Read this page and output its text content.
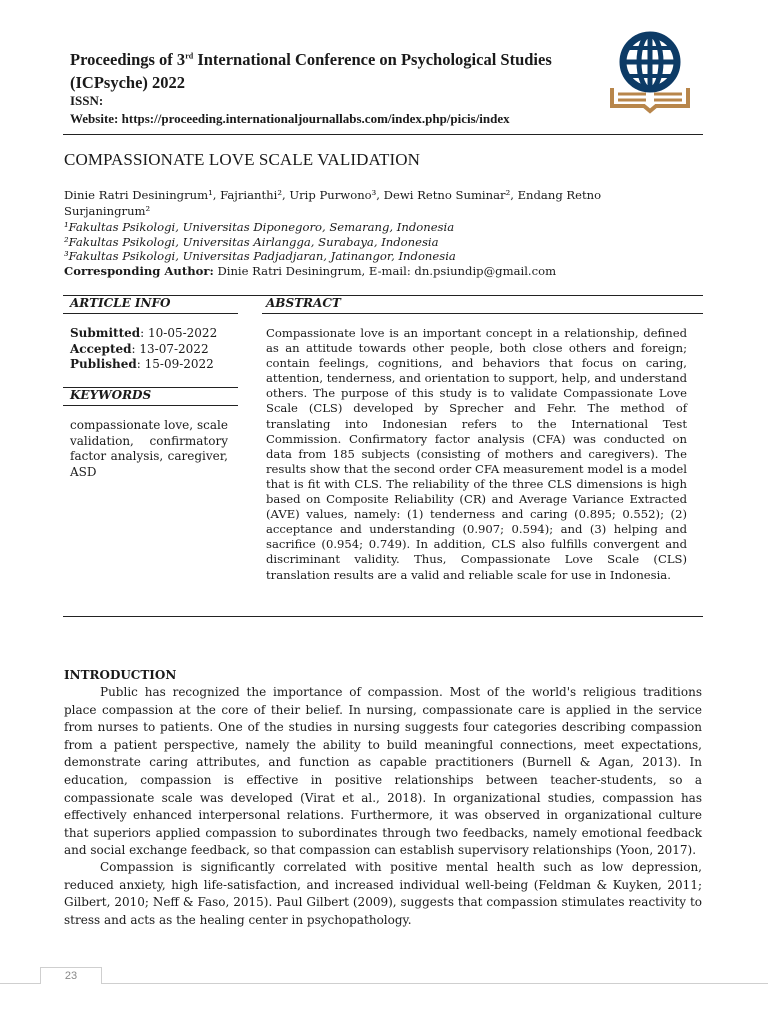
Proceedings of 3rd International Conference on Psychological Studies (ICPsyche) 2022
ISSN:
Website: https://proceeding.internationaljournallabs.com/index.php/picis/index
COMPASSIONATE LOVE SCALE VALIDATION
Dinie Ratri Desiningrum¹, Fajrianthi², Urip Purwono³, Dewi Retno Suminar², Endang Retno
Surjaningrum²
¹Fakultas Psikologi, Universitas Diponegoro, Semarang, Indonesia
²Fakultas Psikologi, Universitas Airlangga, Surabaya, Indonesia
³Fakultas Psikologi, Universitas Padjadjaran, Jatinangor, Indonesia
Corresponding Author: Dinie Ratri Desiningrum, E-mail: dn.psiundip@gmail.com
ARTICLE INFO	ABSTRACT
Submitted: 10-05-2022
Accepted: 13-07-2022
Published: 15-09-2022
KEYWORDS
compassionate love, scale validation, confirmatory factor analysis, caregiver, ASD
Compassionate love is an important concept in a relationship, defined as an attitude towards other people, both close others and foreign; contain feelings, cognitions, and behaviors that focus on caring, attention, tenderness, and orientation to support, help, and understand others. The purpose of this study is to validate Compassionate Love Scale (CLS) developed by Sprecher and Fehr. The method of translating into Indonesian refers to the International Test Commission. Confirmatory factor analysis (CFA) was conducted on data from 185 subjects (consisting of mothers and caregivers). The results show that the second order CFA measurement model is a model that is fit with CLS. The reliability of the three CLS dimensions is high based on Composite Reliability (CR) and Average Variance Extracted (AVE) values, namely: (1) tenderness and caring (0.895; 0.552); (2) acceptance and understanding (0.907; 0.594); and (3) helping and sacrifice (0.954; 0.749). In addition, CLS also fulfills convergent and discriminant validity. Thus, Compassionate Love Scale (CLS) translation results are a valid and reliable scale for use in Indonesia.
INTRODUCTION
Public has recognized the importance of compassion. Most of the world's religious traditions place compassion at the core of their belief. In nursing, compassionate care is applied in the service from nurses to patients. One of the studies in nursing suggests four categories describing compassion from a patient perspective, namely the ability to build meaningful connections, meet expectations, demonstrate caring attributes, and function as capable practitioners (Burnell & Agan, 2013). In education, compassion is effective in positive relationships between teacher-students, so a compassionate scale was developed (Virat et al., 2018). In organizational studies, compassion has effectively enhanced interpersonal relations. Furthermore, it was observed in organizational culture that superiors applied compassion to subordinates through two feedbacks, namely emotional feedback and social exchange feedback, so that compassion can establish supervisory relationships (Yoon, 2017).
Compassion is significantly correlated with positive mental health such as low depression, reduced anxiety, high life-satisfaction, and increased individual well-being (Feldman & Kuyken, 2011; Gilbert, 2010; Neff & Faso, 2015). Paul Gilbert (2009), suggests that compassion stimulates reactivity to stress and acts as the healing center in psychopathology.
23
